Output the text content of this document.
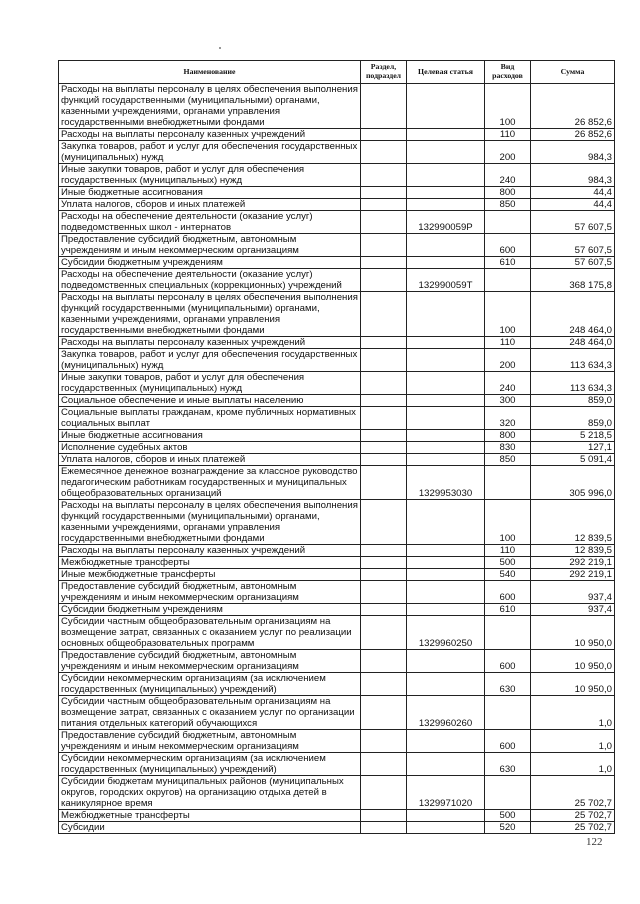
Наименование	Раздел, подраздел	Целевая статья	Вид расходов	Сумма
Расходы на выплаты персоналу в целях обеспечения выполнения функций государственными (муниципальными) органами, казенными учреждениями, органами управления государственными внебюджетными фондами			100	26 852,6
Расходы на выплаты персоналу казенных учреждений			110	26 852,6
Закупка товаров, работ и услуг для обеспечения государственных (муниципальных) нужд			200	984,3
Иные закупки товаров, работ и услуг для обеспечения государственных (муниципальных) нужд			240	984,3
Иные бюджетные ассигнования			800	44,4
Уплата налогов, сборов и иных платежей			850	44,4
Расходы на обеспечение деятельности (оказание услуг) подведомственных школ - интернатов		132990059Р		57 607,5
Предоставление субсидий бюджетным, автономным учреждениям и иным некоммерческим организациям			600	57 607,5
Субсидии бюджетным учреждениям			610	57 607,5
Расходы на обеспечение деятельности (оказание услуг) подведомственных специальных (коррекционных) учреждений		132990059Т		368 175,8
Расходы на выплаты персоналу в целях обеспечения выполнения функций государственными (муниципальными) органами, казенными учреждениями, органами управления государственными внебюджетными фондами			100	248 464,0
Расходы на выплаты персоналу казенных учреждений			110	248 464,0
Закупка товаров, работ и услуг для обеспечения государственных (муниципальных) нужд			200	113 634,3
Иные закупки товаров, работ и услуг для обеспечения государственных (муниципальных) нужд			240	113 634,3
Социальное обеспечение и иные выплаты населению			300	859,0
Социальные выплаты гражданам, кроме публичных нормативных социальных выплат			320	859,0
Иные бюджетные ассигнования			800	5 218,5
Исполнение судебных актов			830	127,1
Уплата налогов, сборов и иных платежей			850	5 091,4
Ежемесячное денежное вознаграждение за классное руководство педагогическим работникам государственных и муниципальных общеобразовательных организаций		1329953030		305 996,0
Расходы на выплаты персоналу в целях обеспечения выполнения функций государственными (муниципальными) органами, казенными учреждениями, органами управления государственными внебюджетными фондами			100	12 839,5
Расходы на выплаты персоналу казенных учреждений			110	12 839,5
Межбюджетные трансферты			500	292 219,1
Иные межбюджетные трансферты			540	292 219,1
Предоставление субсидий бюджетным, автономным учреждениям и иным некоммерческим организациям			600	937,4
Субсидии бюджетным учреждениям			610	937,4
Субсидии частным общеобразовательным организациям на возмещение затрат, связанных с оказанием услуг по реализации основных общеобразовательных программ		1329960250		10 950,0
Предоставление субсидий бюджетным, автономным учреждениям и иным некоммерческим организациям			600	10 950,0
Субсидии некоммерческим организациям (за исключением государственных (муниципальных) учреждений)			630	10 950,0
Субсидии частным общеобразовательным организациям на возмещение затрат, связанных с оказанием услуг по организации питания отдельных категорий обучающихся		1329960260		1,0
Предоставление субсидий бюджетным, автономным учреждениям и иным некоммерческим организациям			600	1,0
Субсидии некоммерческим организациям (за исключением государственных (муниципальных) учреждений)			630	1,0
Субсидии бюджетам муниципальных районов (муниципальных округов, городских округов) на организацию отдыха детей в каникулярное время		1329971020		25 702,7
Межбюджетные трансферты			500	25 702,7
Субсидии			520	25 702,7
122
